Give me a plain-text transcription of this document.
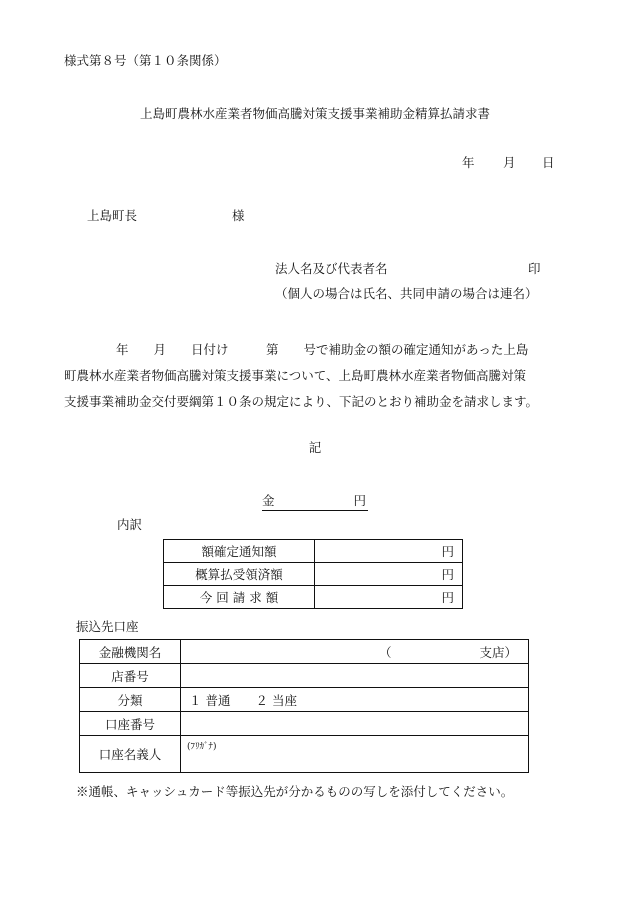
様式第８号（第１０条関係）
上島町農林水産業者物価高騰対策支援事業補助金精算払請求書
年 月 日
上島町長	様
法人名及び代表者名	印
（個人の場合は氏名、共同申請の場合は連名）
年　　月　　日付け　　　第　　号で補助金の額の確定通知があった上島
町農林水産業者物価高騰対策支援事業について、上島町農林水産業者物価高騰対策
支援事業補助金交付要綱第１０条の規定により、下記のとおり補助金を請求します。
記
金	円
内訳
額確定通知額	円
概算払受領済額	円
今 回 請 求 額	円
振込先口座
金融機関名	（ 支店）
店番号	
分類	１ 普通　　２ 当座
口座番号	
口座名義人	(ﾌﾘｶﾞﾅ)
※通帳、キャッシュカード等振込先が分かるものの写しを添付してください。
